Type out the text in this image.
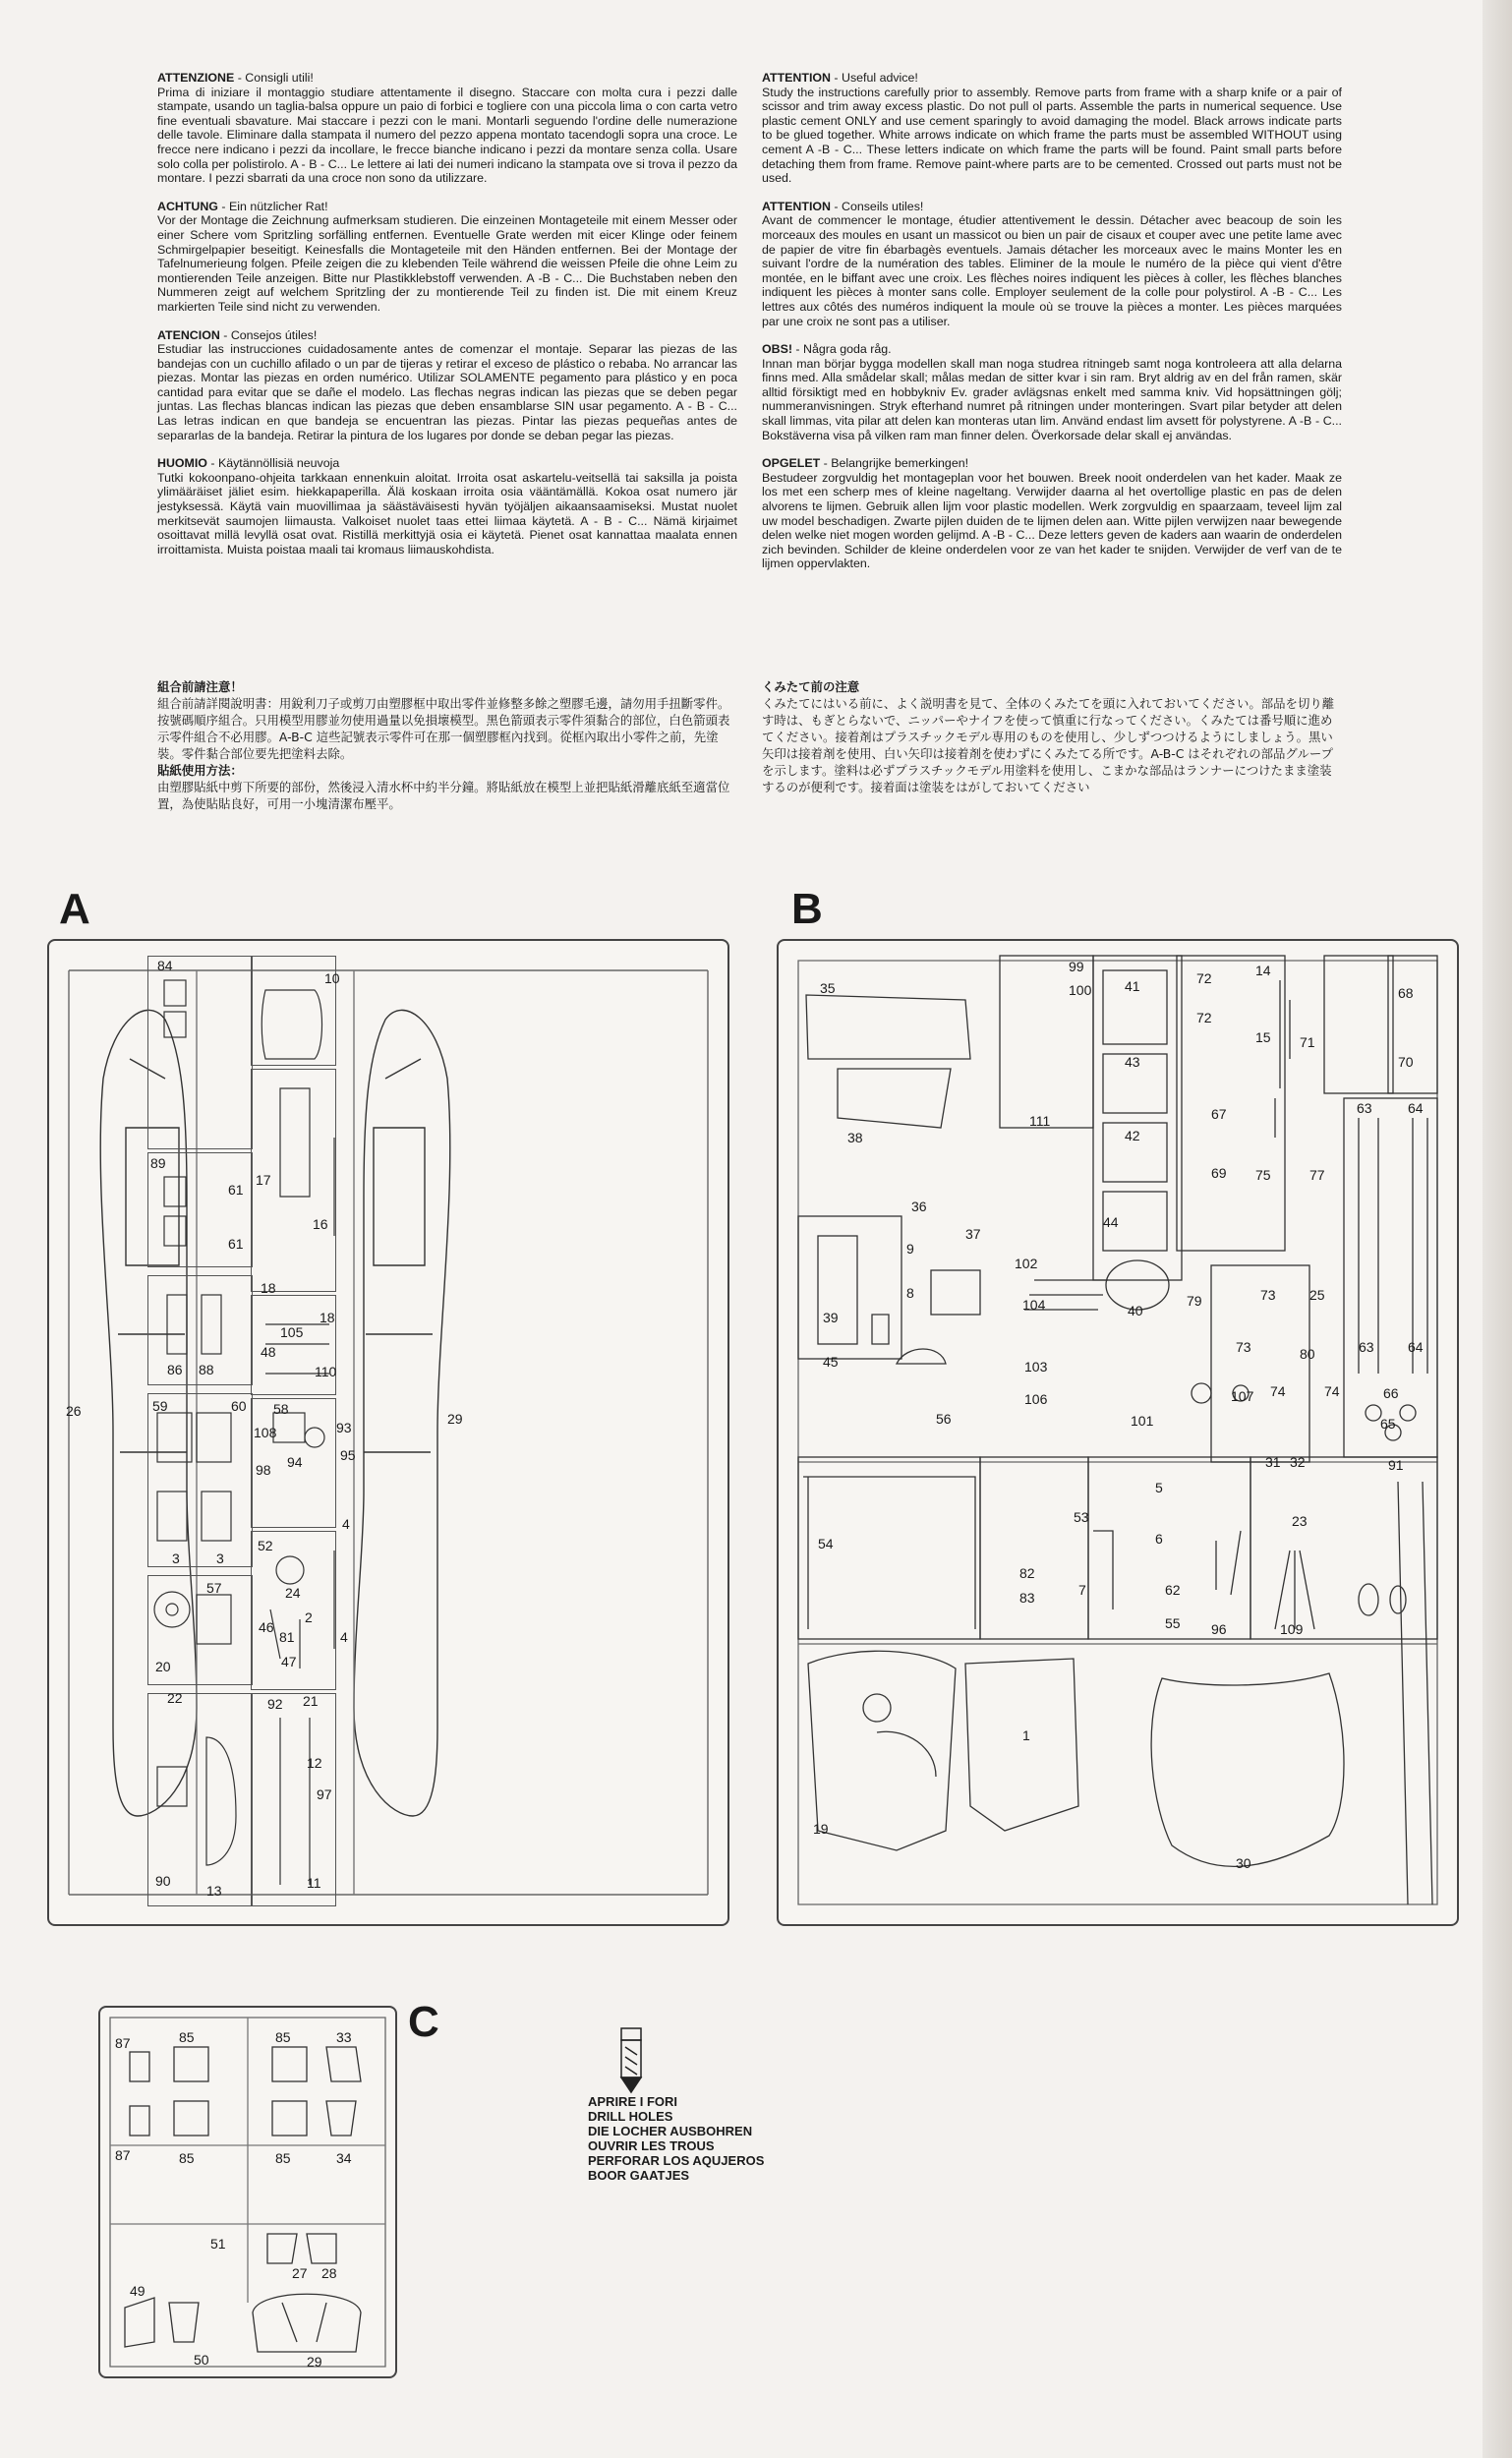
ATTENZIONE - Consigli utili!
Prima di iniziare il montaggio studiare attentamente il disegno. Staccare con molta cura i pezzi dalle stampate, usando un taglia-balsa oppure un paio di forbici e togliere con una piccola lima o con carta vetro fine eventuali sbavature. Mai staccare i pezzi con le mani. Montarli seguendo l'ordine delle numerazione delle tavole. Eliminare dalla stampata il numero del pezzo appena montato tacendogli sopra una croce. Le frecce nere indicano i pezzi da incollare, le frecce bianche indicano i pezzi da montare senza colla. Usare solo colla per polistirolo. A - B - C... Le lettere ai lati dei numeri indicano la stampata ove si trova il pezzo da montare. I pezzi sbarrati da una croce non sono da utilizzare.
ACHTUNG - Ein nützlicher Rat!
Vor der Montage die Zeichnung aufmerksam studieren. Die einzeinen Montageteile mit einem Messer oder einer Schere vom Spritzling sorfälling entfernen. Eventuelle Grate werden mit eicer Klinge oder feinem Schmirgelpapier beseitigt. Keinesfalls die Montageteile mit den Händen entfernen. Bei der Montage der Tafelnumerieung folgen. Pfeile zeigen die zu klebenden Teile während die weissen Pfeile die ohne Leim zu montierenden Teile anzeigen. Bitte nur Plastikklebstoff verwenden. A -B - C... Die Buchstaben neben den Nummeren zeigt auf welchem Spritzling der zu montierende Teil zu finden ist. Die mit einem Kreuz markierten Teile sind nicht zu verwenden.
ATENCION - Consejos útiles!
Estudiar las instrucciones cuidadosamente antes de comenzar el montaje. Separar las piezas de las bandejas con un cuchillo afilado o un par de tijeras y retirar el exceso de plástico o rebaba. No arrancar las piezas. Montar las piezas en orden numérico. Utilizar SOLAMENTE pegamento para plástico y en poca cantidad para evitar que se dañe el modelo. Las flechas negras indican las piezas que se deben pegar juntas. Las flechas blancas indican las piezas que deben ensamblarse SIN usar pegamento. A - B - C... Las letras indican en que bandeja se encuentran las piezas. Pintar las piezas pequeñas antes de separarlas de la bandeja. Retirar la pintura de los lugares por donde se deban pegar las piezas.
HUOMIO - Käytännöllisiä neuvoja
Tutki kokoonpano-ohjeita tarkkaan ennenkuin aloitat. Irroita osat askartelu-veitsellä tai saksilla ja poista ylimääräiset jäliet esim. hiekkapaperilla. Älä koskaan irroita osia vääntämällä. Kokoa osat numero jär jestyksessä. Käytä vain muovillimaa ja säästäväisesti hyvän työjäljen aikaansaamiseksi. Mustat nuolet merkitsevät saumojen liimausta. Valkoiset nuolet taas ettei liimaa käytetä. A - B - C... Nämä kirjaimet osoittavat millä levyllä osat ovat. Ristillä merkittyjä osia ei käytetä. Pienet osat kannattaa maalata ennen irroittamista. Muista poistaa maali tai kromaus liimauskohdista.
ATTENTION - Useful advice!
Study the instructions carefully prior to assembly. Remove parts from frame with a sharp knife or a pair of scissor and trim away excess plastic. Do not pull ol parts. Assemble the parts in numerical sequence. Use plastic cement ONLY and use cement sparingly to avoid damaging the model. Black arrows indicate parts to be glued together. White arrows indicate on which frame the parts must be assembled WITHOUT using cement A -B - C... These letters indicate on which frame the parts will be found. Paint small parts before detaching them from frame. Remove paint-where parts are to be cemented. Crossed out parts must not be used.
ATTENTION - Conseils utiles!
Avant de commencer le montage, étudier attentivement le dessin. Détacher avec beacoup de soin les morceaux des moules en usant un massicot ou bien un pair de cisaux et couper avec une petite lame avec de papier de vitre fin ébarbagès eventuels. Jamais détacher les morceaux avec le mains Monter les en suivant l'ordre de la numération des tables. Eliminer de la moule le numéro de la pièce qui vient d'être montée, en le biffant avec une croix. Les flèches noires indiquent les pièces à coller, les flèches blanches indiquent les pièces à monter sans colle. Employer seulement de la colle pour polystirol. A -B - C... Les lettres aux côtés des numéros indiquent la moule où se trouve la pièces a monter. Les pièces marquées par une croix ne sont pas a utiliser.
OBS! - Några goda råg.
Innan man börjar bygga modellen skall man noga studrea ritningeb samt noga kontroleera att alla delarna finns med. Alla smådelar skall; målas medan de sitter kvar i sin ram. Bryt aldrig av en del från ramen, skär alltid försiktigt med en hobbykniv Ev. grader avlägsnas enkelt med samma kniv. Vid hopsättningen gölj; nummeranvisningen. Stryk efterhand numret på ritningen under monteringen. Svart pilar betyder att delen skall limmas, vita pilar att delen kan monteras utan lim. Använd endast lim avsett för polystyrene. A -B - C... Bokstäverna visa på vilken ram man finner delen. Överkorsade delar skall ej användas.
OPGELET - Belangrijke bemerkingen!
Bestudeer zorgvuldig het montageplan voor het bouwen. Breek nooit onderdelen van het kader. Maak ze los met een scherp mes of kleine nageltang. Verwijder daarna al het overtollige plastic en pas de delen alvorens te lijmen. Gebruik allen lijm voor plastic modellen. Werk zorgvuldig en spaarzaam, teveel lijm zal uw model beschadigen. Zwarte pijlen duiden de te lijmen delen aan. Witte pijlen verwijzen naar bewegende delen welke niet mogen worden gelijmd. A -B - C... Deze letters geven de kaders aan waarin de onderdelen zich bevinden. Schilder de kleine onderdelen voor ze van het kader te snijden. Verwijder de verf van de te lijmen oppervlakten.
組合前請注意！
組合前請詳閱說明書：用銳利刀子或剪刀由塑膠框中取出零件並修整多餘之塑膠毛邊，請勿用手扭斷零件。按號碼順序組合。只用模型用膠並勿使用過量以免損壞模型。黑色箭頭表示零件須黏合的部位，白色箭頭表示零件組合不必用膠。A-B-C 這些記號表示零件可在那一個塑膠框內找到。從框內取出小零件之前，先塗裝。零件黏合部位要先把塗料去除。
貼紙使用方法：
由塑膠貼紙中剪下所要的部份，然後浸入清水杯中約半分鐘。將貼紙放在模型上並把貼紙滑離底紙至適當位置，為使貼貼良好，可用一小塊清潔布壓平。
くみたて前の注意
くみたてにはいる前に、よく説明書を見て、全体のくみたてを頭に入れておいてください。部品を切り離す時は、もぎとらないで、ニッパーやナイフを使って慎重に行なってください。くみたては番号順に進めてください。接着剤はプラスチックモデル専用のものを使用し、少しずつつけるようにしましょう。黒い矢印は接着剤を使用、白い矢印は接着剤を使わずにくみたてる所です。A-B-C はそれぞれの部品グループを示します。塗料は必ずプラスチックモデル用塗料を使用し、こまかな部品はランナーにつけたまま塗装するのが便利です。接着面は塗装をはがしておいてください
A	B
C
84
10
89
61
61
17
16
26
18
18
48
105
110
86 88
29
59	60 58
108	93
98 94	95
4
3	3
52
24
2
46
81
47
4
20
57
22	92 21
12
97
90
13	11
35
99
100 41	72	14
68
38
111
43
72
15 71
70
42
67
69 75	77
63	64
36
37
9
102
44
79	73 25
39
8
104	40
73	80	63 64
45	103
106	107 74	74	66
65
56	101
31 32	91
5
23
53
6
54
82
7
83	62
55 96	109
1
19
30
87	85	85	33
87	85	85	34
51
27 28
49
50	29
APRIRE I FORI
DRILL HOLES
DIE LOCHER AUSBOHREN
OUVRIR LES TROUS
PERFORAR LOS AQUJEROS
BOOR GAATJES
